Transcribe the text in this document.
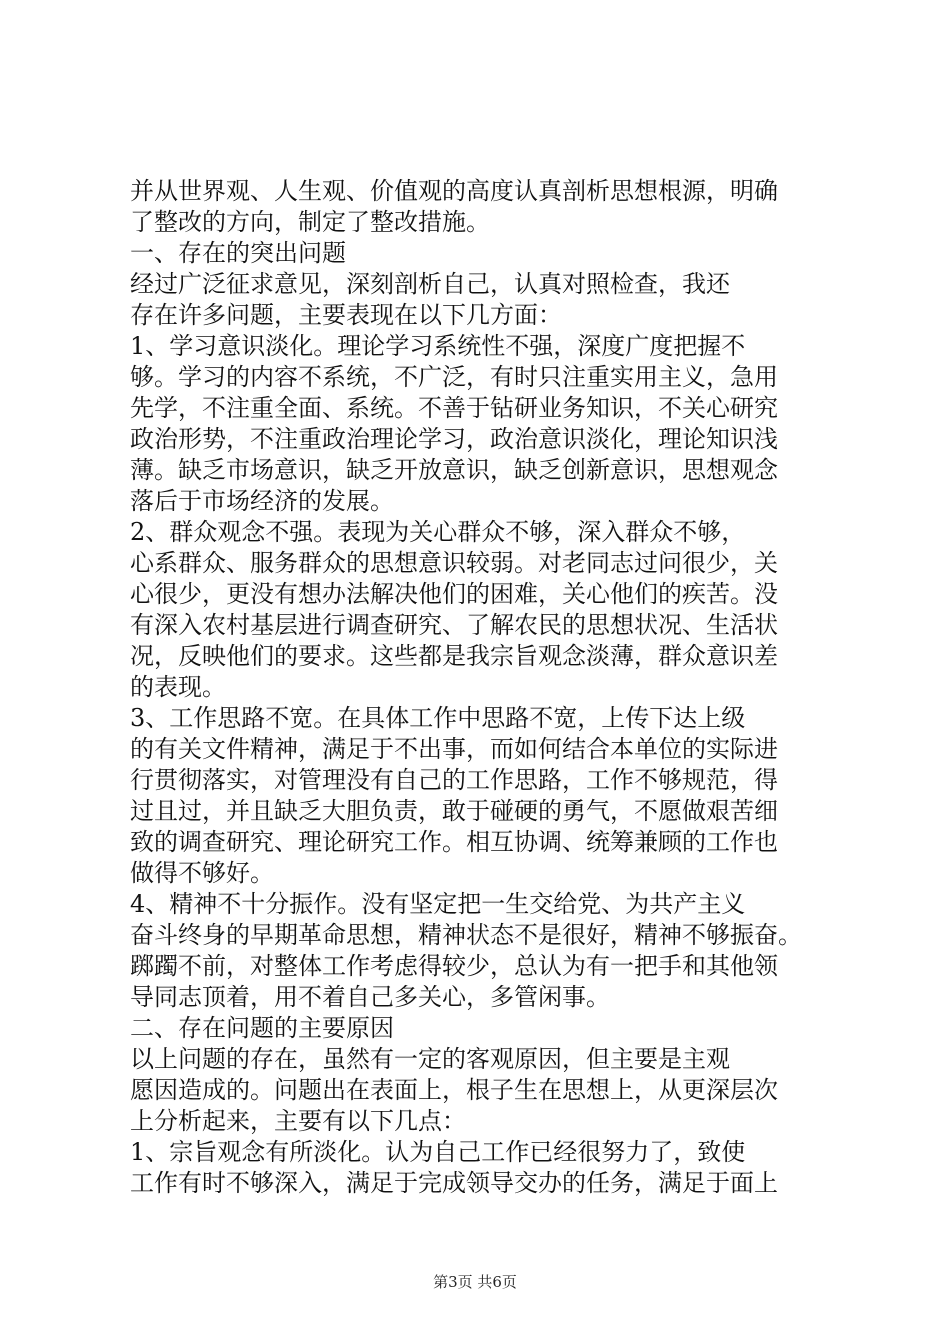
并从世界观、人生观、价值观的高度认真剖析思想根源，明确
了整改的方向，制定了整改措施。
一、存在的突出问题
经过广泛征求意见，深刻剖析自己，认真对照检查，我还
存在许多问题，主要表现在以下几方面：
1、学习意识淡化。理论学习系统性不强，深度广度把握不
够。学习的内容不系统，不广泛，有时只注重实用主义，急用
先学，不注重全面、系统。不善于钻研业务知识，不关心研究
政治形势，不注重政治理论学习，政治意识淡化，理论知识浅
薄。缺乏市场意识，缺乏开放意识，缺乏创新意识，思想观念
落后于市场经济的发展。
2、群众观念不强。表现为关心群众不够，深入群众不够，
心系群众、服务群众的思想意识较弱。对老同志过问很少，关
心很少，更没有想办法解决他们的困难，关心他们的疾苦。没
有深入农村基层进行调查研究、了解农民的思想状况、生活状
况，反映他们的要求。这些都是我宗旨观念淡薄，群众意识差
的表现。
3、工作思路不宽。在具体工作中思路不宽，上传下达上级
的有关文件精神，满足于不出事，而如何结合本单位的实际进
行贯彻落实，对管理没有自己的工作思路，工作不够规范，得
过且过，并且缺乏大胆负责，敢于碰硬的勇气，不愿做艰苦细
致的调查研究、理论研究工作。相互协调、统筹兼顾的工作也
做得不够好。
4、精神不十分振作。没有坚定把一生交给党、为共产主义
奋斗终身的早期革命思想，精神状态不是很好，精神不够振奋。
踯躅不前，对整体工作考虑得较少，总认为有一把手和其他领
导同志顶着，用不着自己多关心，多管闲事。
二、存在问题的主要原因
以上问题的存在，虽然有一定的客观原因，但主要是主观
愿因造成的。问题出在表面上，根子生在思想上，从更深层次
上分析起来，主要有以下几点：
1、宗旨观念有所淡化。认为自己工作已经很努力了，致使
工作有时不够深入，满足于完成领导交办的任务，满足于面上
第3页 共6页
